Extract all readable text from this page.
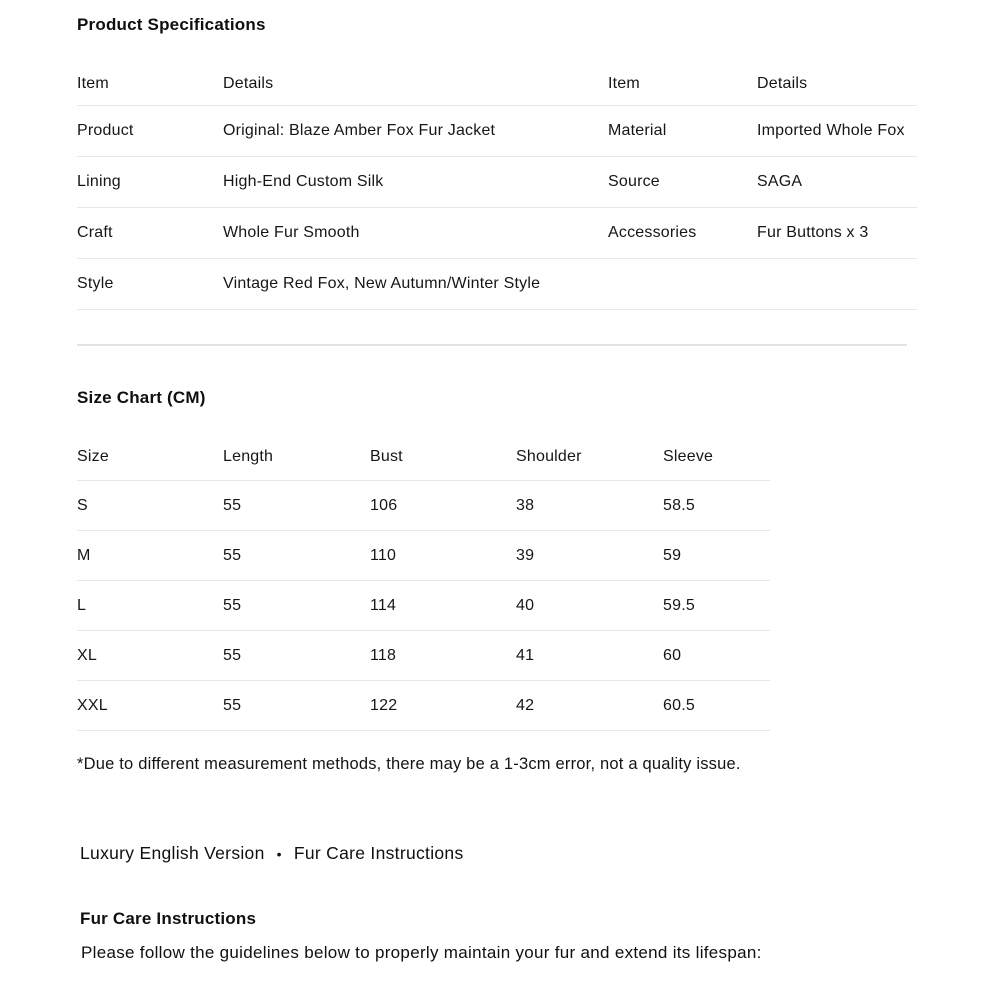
Product Specifications
Item	Details	Item	Details
Product	Original: Blaze Amber Fox Fur Jacket	Material	Imported Whole Fox
Lining	High-End Custom Silk	Source	SAGA
Craft	Whole Fur Smooth	Accessories	Fur Buttons x 3
Style	Vintage Red Fox, New Autumn/Winter Style
Size Chart (CM)
Size	Length	Bust	Shoulder	Sleeve
S	55	106	38	58.5
M	55	110	39	59
L	55	114	40	59.5
XL	55	118	41	60
XXL	55	122	42	60.5
*Due to different measurement methods, there may be a 1-3cm error, not a quality issue.
Luxury English Version • Fur Care Instructions
Fur Care Instructions
Please follow the guidelines below to properly maintain your fur and extend its lifespan:
